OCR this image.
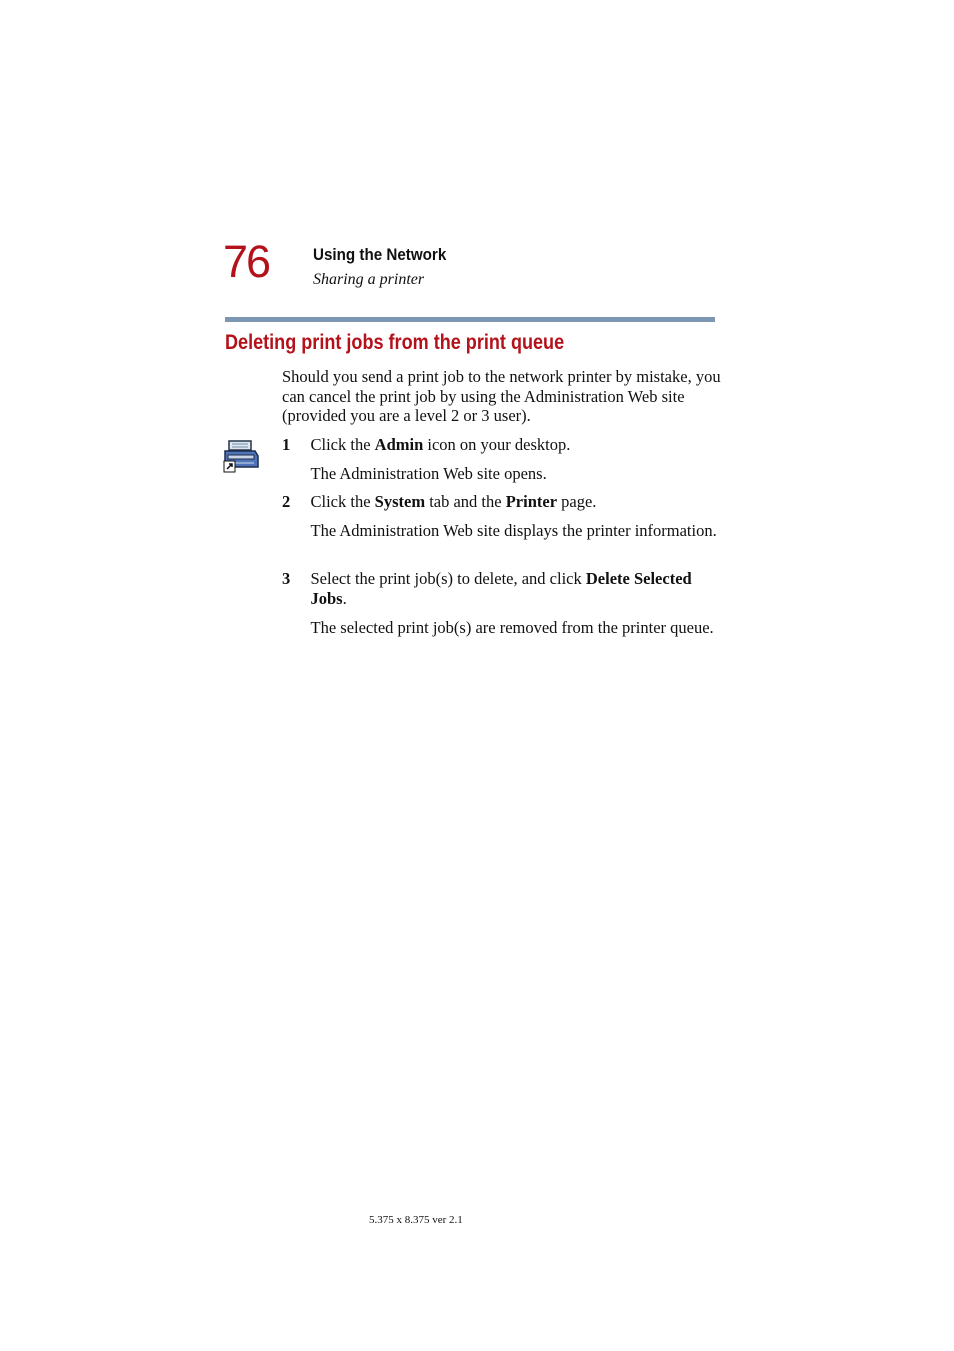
76	Using the Network
Sharing a printer
Deleting print jobs from the print queue
Should you send a print job to the network printer by mistake, you can cancel the print job by using the Administration Web site (provided you are a level 2 or 3 user).
1 Click the Admin icon on your desktop.
The Administration Web site opens.
2 Click the System tab and the Printer page.
The Administration Web site displays the printer information.
3 Select the print job(s) to delete, and click Delete Selected Jobs.
The selected print job(s) are removed from the printer queue.
5.375 x 8.375 ver 2.1
